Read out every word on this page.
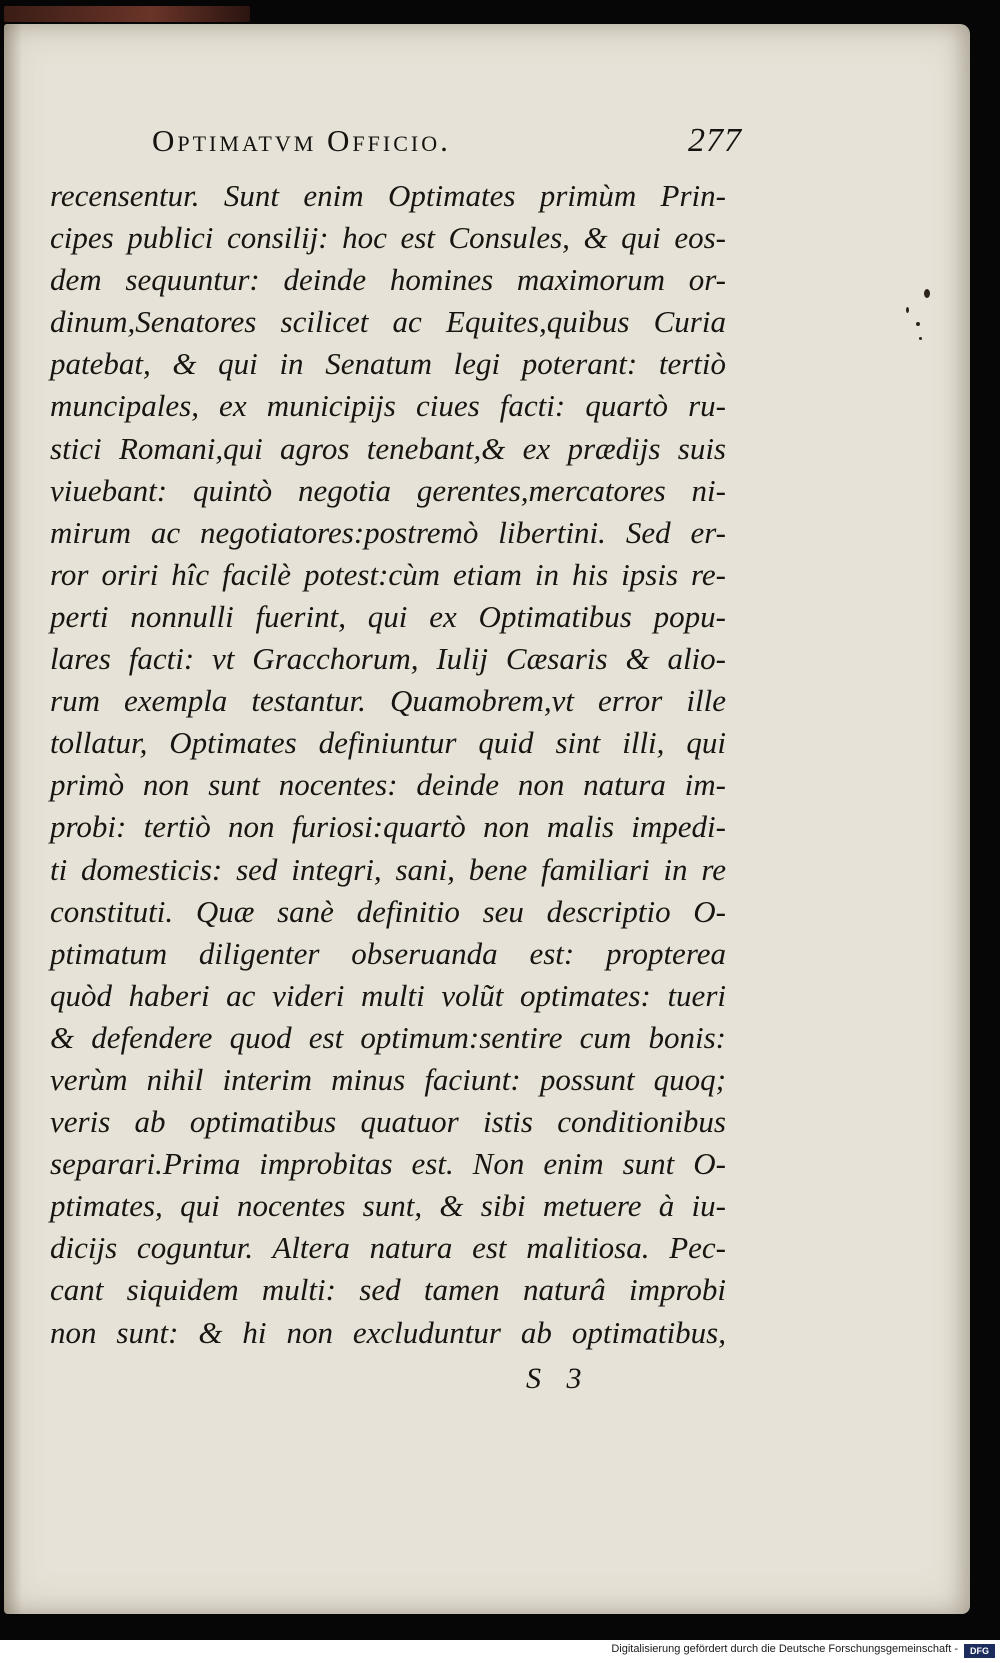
Optimatvm Officio.	277
recensentur. Sunt enim Optimates primùm Prin-
cipes publici consilij: hoc est Consules, & qui eos-
dem sequuntur: deinde homines maximorum or-
dinum,Senatores scilicet ac Equites,quibus Curia
patebat, & qui in Senatum legi poterant: tertiò
muncipales, ex municipijs ciues facti: quartò ru-
stici Romani,qui agros tenebant,& ex prædijs suis
viuebant: quintò negotia gerentes,mercatores ni-
mirum ac negotiatores:postremò libertini. Sed er-
ror oriri hîc facilè potest:cùm etiam in his ipsis re-
perti nonnulli fuerint, qui ex Optimatibus popu-
lares facti: vt Gracchorum, Iulij Cæsaris & alio-
rum exempla testantur. Quamobrem,vt error ille
tollatur, Optimates definiuntur quid sint illi, qui
primò non sunt nocentes: deinde non natura im-
probi: tertiò non furiosi:quartò non malis impedi-
ti domesticis: sed integri, sani, bene familiari in re
constituti. Quæ sanè definitio seu descriptio O-
ptimatum diligenter obseruanda est: propterea
quòd haberi ac videri multi volũt optimates: tueri
& defendere quod est optimum:sentire cum bonis:
verùm nihil interim minus faciunt: possunt quoq;
veris ab optimatibus quatuor istis conditionibus
separari.Prima improbitas est. Non enim sunt O-
ptimates, qui nocentes sunt, & sibi metuere à iu-
dicijs coguntur. Altera natura est malitiosa. Pec-
cant siquidem multi: sed tamen naturâ improbi
non sunt: & hi non excluduntur ab optimatibus,
S 3
Digitalisierung gefördert durch die Deutsche Forschungsgemeinschaft -	DFG
